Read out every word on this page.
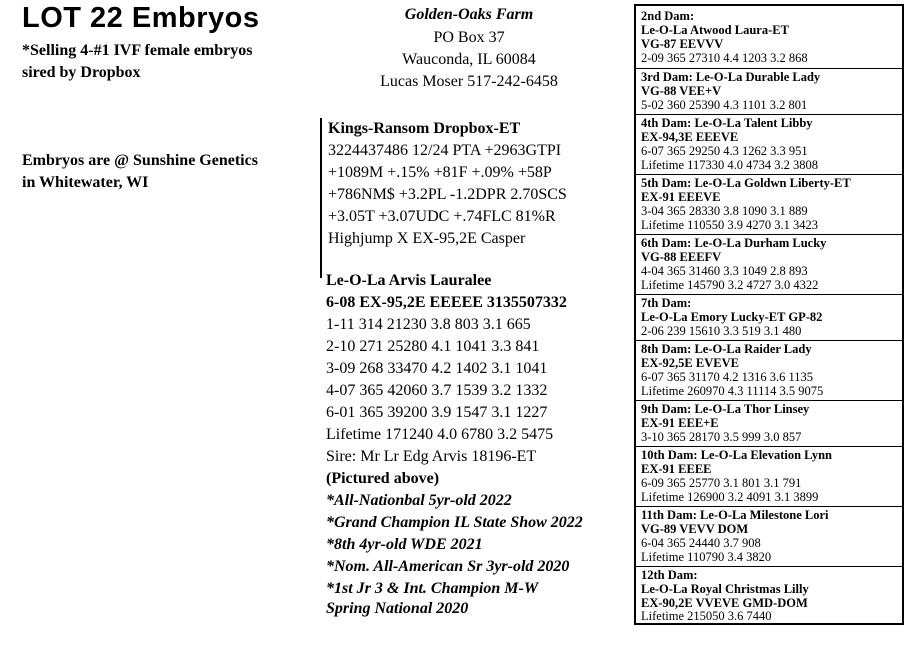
LOT 22 Embryos
*Selling 4-#1 IVF female embryos
sired by Dropbox
Embryos are @ Sunshine Genetics
in Whitewater, WI
Golden-Oaks Farm
PO Box 37
Wauconda, IL 60084
Lucas Moser 517-242-6458
Kings-Ransom Dropbox-ET
3224437486 12/24 PTA +2963GTPI
+1089M +.15% +81F +.09% +58P
+786NM$ +3.2PL -1.2DPR 2.70SCS
+3.05T +3.07UDC +.74FLC 81%R
Highjump X EX-95,2E Casper
Le-O-La Arvis Lauralee
6-08 EX-95,2E EEEEE 3135507332
1-11 314 21230 3.8 803 3.1 665
2-10 271 25280 4.1 1041 3.3 841
3-09 268 33470 4.2 1402 3.1 1041
4-07 365 42060 3.7 1539 3.2 1332
6-01 365 39200 3.9 1547 3.1 1227
Lifetime 171240 4.0 6780 3.2 5475
Sire: Mr Lr Edg Arvis 18196-ET
(Pictured above)
*All-Nationbal 5yr-old 2022
*Grand Champion IL State Show 2022
*8th 4yr-old WDE 2021
*Nom. All-American Sr 3yr-old 2020
*1st Jr 3 & Int. Champion M-W
Spring National 2020
2nd Dam:
Le-O-La Atwood Laura-ET
VG-87 EEVVV
2-09 365 27310 4.4 1203 3.2 868
3rd Dam: Le-O-La Durable Lady
VG-88 VEE+V
5-02 360 25390 4.3 1101 3.2 801
4th Dam: Le-O-La Talent Libby
EX-94,3E EEEVE
6-07 365 29250 4.3 1262 3.3 951
Lifetime 117330 4.0 4734 3.2 3808
5th Dam: Le-O-La Goldwn Liberty-ET
EX-91 EEEVE
3-04 365 28330 3.8 1090 3.1 889
Lifetime 110550 3.9 4270 3.1 3423
6th Dam: Le-O-La Durham Lucky
VG-88 EEEFV
4-04 365 31460 3.3 1049 2.8 893
Lifetime 145790 3.2 4727 3.0 4322
7th Dam:
Le-O-La Emory Lucky-ET GP-82
2-06 239 15610 3.3 519 3.1 480
8th Dam: Le-O-La Raider Lady
EX-92,5E EVEVE
6-07 365 31170 4.2 1316 3.6 1135
Lifetime 260970 4.3 11114 3.5 9075
9th Dam: Le-O-La Thor Linsey
EX-91 EEE+E
3-10 365 28170 3.5 999 3.0 857
10th Dam: Le-O-La Elevation Lynn
EX-91 EEEE
6-09 365 25770 3.1 801 3.1 791
Lifetime 126900 3.2 4091 3.1 3899
11th Dam: Le-O-La Milestone Lori
VG-89 VEVV DOM
6-04 365 24440 3.7 908
Lifetime 110790 3.4 3820
12th Dam:
Le-O-La Royal Christmas Lilly
EX-90,2E VVEVE GMD-DOM
Lifetime 215050 3.6 7440
